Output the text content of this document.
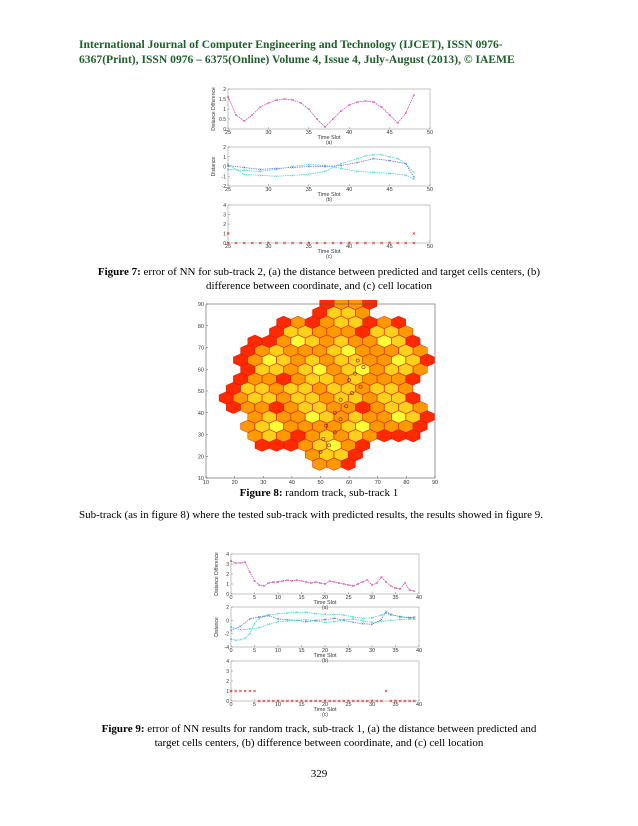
International Journal of Computer Engineering and Technology (IJCET), ISSN 0976-
6367(Print), ISSN 0976 – 6375(Online) Volume 4, Issue 4, July-August (2013), © IAEME
25	30	35	40	45	50
0
0.5
1
1.5
2
Time Slot
(a)
Distance Difference
25	30	35	40	45	50
-2
-1
0
1
2
Time Slot
(b)
Distance
25	30	35	40	45	50
0
1
2
3
4
Time Slot
(c)
Figure 7: error of NN for sub-track 2, (a) the distance between predicted and target cells centers, (b) difference between coordinate, and (c) cell location
10	20	30	40	50	60	70	80	90
10
20
30
40
50
60
70
80
90
Figure 8: random track, sub-track 1
Sub-track (as in figure 8) where the tested sub-track with predicted results, the results showed in figure 9.
0	5	10	15	20	25	30	35	40
0
1
2
3
4
Time Slot
(a)
Distance Difference
0	5	10	15	20	25	30	35	40
-4
-2
0
2
Time Slot
(b)
Distance
0	5	10	15	20	25	30	35	40
0
1
2
3
4
Time Slot
(c)
Figure 9: error of NN results for random track, sub-track 1, (a) the distance between predicted and
target cells centers, (b) difference between coordinate, and (c) cell location
329
